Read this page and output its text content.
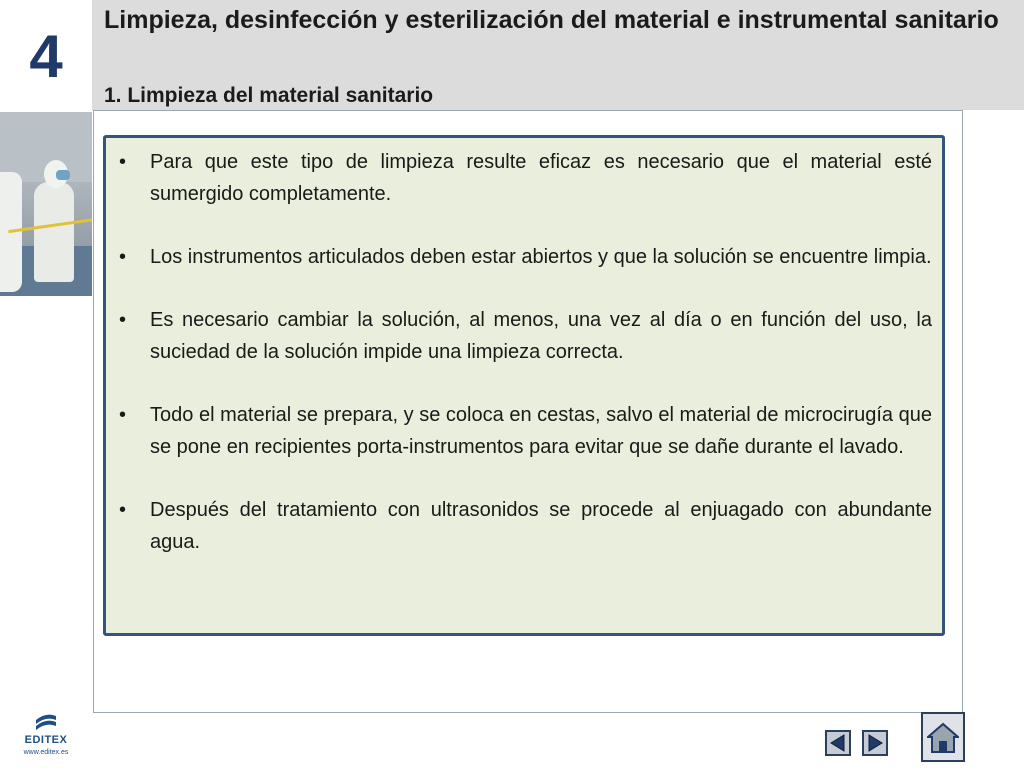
4
Limpieza, desinfección y esterilización del material e instrumental sanitario
1. Limpieza del material sanitario
•	Para que este tipo de limpieza resulte eficaz es necesario que el material esté sumergido completamente.
•	Los instrumentos articulados deben estar abiertos y que la solución se encuentre limpia.
•	Es necesario cambiar la solución, al menos, una vez al día o en función del uso, la suciedad de la solución impide una limpieza correcta.
•	Todo el material se prepara, y se coloca en cestas, salvo el material de microcirugía que se pone en recipientes porta-instrumentos para evitar que se dañe durante el lavado.
•	Después del tratamiento con ultrasonidos se procede al enjuagado con abundante agua.
EDITEX
www.editex.es
